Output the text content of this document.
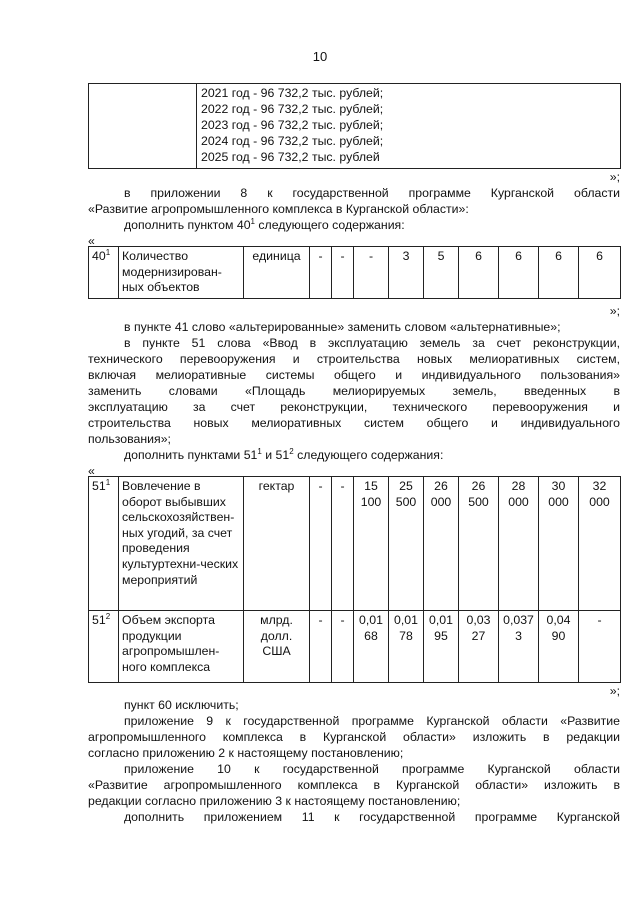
10

2021 год - 96 732,2 тыс. рублей;
2022 год - 96 732,2 тыс. рублей;
2023 год - 96 732,2 тыс. рублей;
2024 год - 96 732,2 тыс. рублей;
2025 год - 96 732,2 тыс. рублей
»;
в приложении 8 к государственной программе Курганской области
«Развитие агропромышленного комплекса в Курганской области»:
дополнить пунктом $40^1$ следующего содержания:
«
$40^1$	Количество модернизирован-ных объектов	единица	-	-	-	3	5	6	6	6	6
»;
в пункте 41 слово «альтерированные» заменить словом «альтернативные»;
в пункте 51 слова «Ввод в эксплуатацию земель за счет реконструкции,
технического перевооружения и строительства новых мелиоративных систем,
включая мелиоративные системы общего и индивидуального пользования»
заменить словами «Площадь мелиорируемых земель, введенных в
эксплуатацию за счет реконструкции, технического перевооружения и
строительства новых мелиоративных систем общего и индивидуального
пользования»;
дополнить пунктами $51^1$ и $51^2$ следующего содержания:
«
$51^1$	Вовлечение в оборот выбывших сельскохозяйствен-ных угодий, за счет проведения культуртехни-ческих мероприятий	гектар	-	-	15 100	25 500	26 000	26 500	28 000	30 000	32 000
$51^2$	Объем экспорта продукции агропромышлен-ного комплекса	млрд. долл. США	-	-	0,01 68	0,01 78	0,01 95	0,03 27	0,037 3	0,04 90	-
»;
пункт 60 исключить;
приложение 9 к государственной программе Курганской области «Развитие
агропромышленного комплекса в Курганской области» изложить в редакции
согласно приложению 2 к настоящему постановлению;
приложение 10 к государственной программе Курганской области
«Развитие агропромышленного комплекса в Курганской области» изложить в
редакции согласно приложению 3 к настоящему постановлению;
дополнить приложением 11 к государственной программе Курганской
